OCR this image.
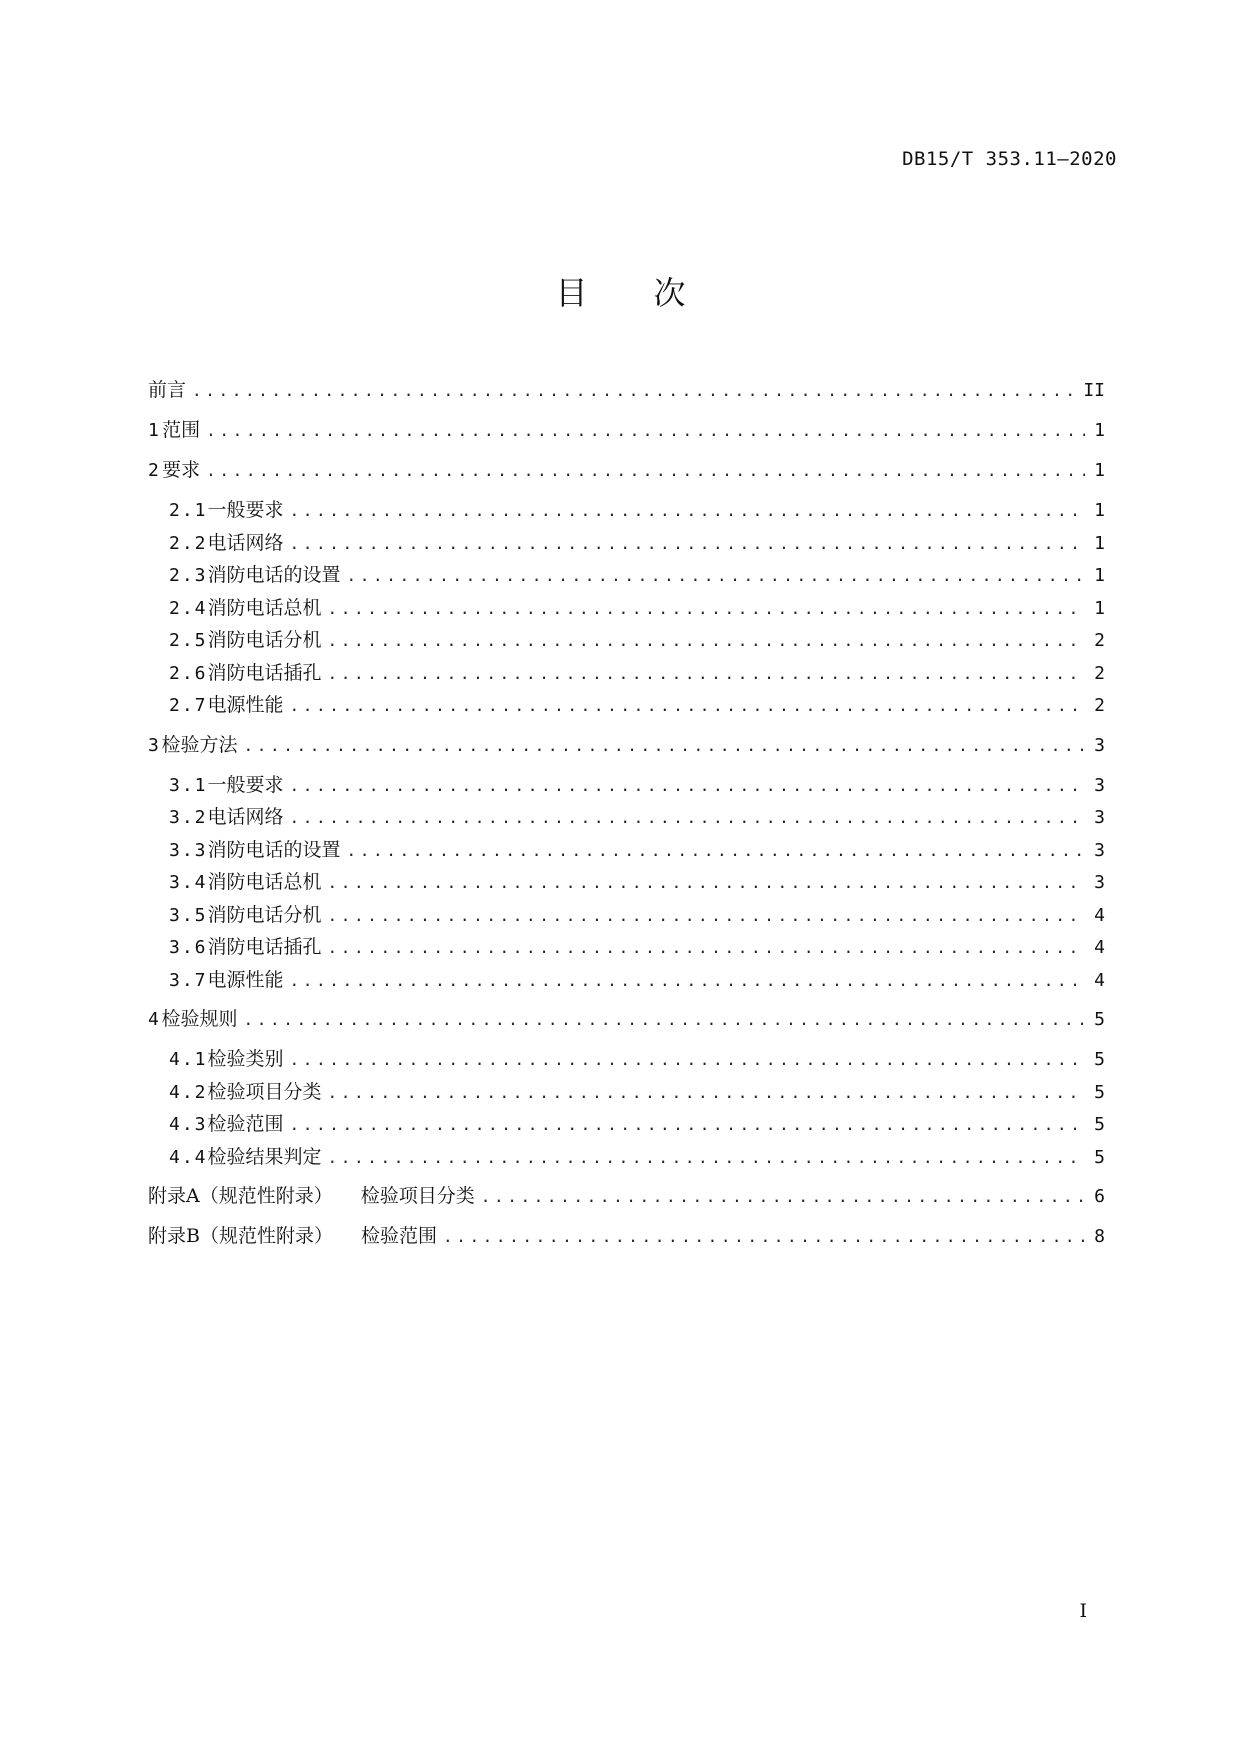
DB15/T 353.11—2020
目次
前言 .....	II
1 范围 .....	1
2 要求 .....	1
2.1 一般要求 .....	1
2.2 电话网络 .....	1
2.3 消防电话的设置 .....	1
2.4 消防电话总机 .....	1
2.5 消防电话分机 .....	2
2.6 消防电话插孔 .....	2
2.7 电源性能 .....	2
3 检验方法 .....	3
3.1 一般要求 .....	3
3.2 电话网络 .....	3
3.3 消防电话的设置 .....	3
3.4 消防电话总机 .....	3
3.5 消防电话分机 .....	4
3.6 消防电话插孔 .....	4
3.7 电源性能 .....	4
4 检验规则 .....	5
4.1 检验类别 .....	5
4.2 检验项目分类 .....	5
4.3 检验范围 .....	5
4.4 检验结果判定 .....	5
附录A（规范性附录）	检验项目分类 .....	6
附录B（规范性附录）	检验范围 .....	8
I
